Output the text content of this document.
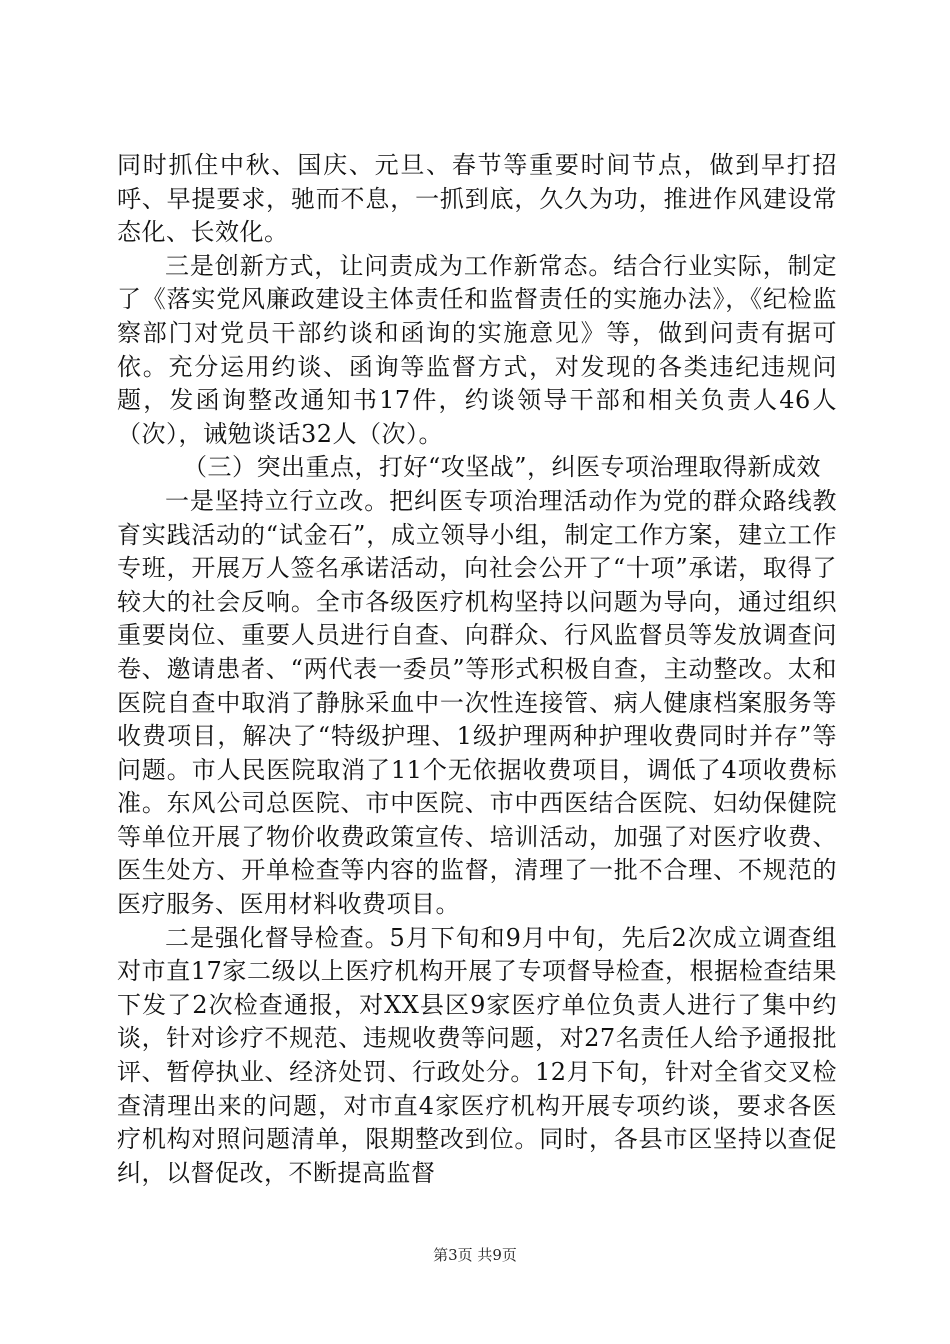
同时抓住中秋、国庆、元旦、春节等重要时间节点，做到早打招呼、早提要求，驰而不息，一抓到底，久久为功，推进作风建设常态化、长效化。

三是创新方式，让问责成为工作新常态。结合行业实际，制定了《落实党风廉政建设主体责任和监督责任的实施办法》，《纪检监察部门对党员干部约谈和函询的实施意见》等，做到问责有据可依。充分运用约谈、函询等监督方式，对发现的各类违纪违规问题，发函询整改通知书17件，约谈领导干部和相关负责人46人（次），诫勉谈话32人（次）。

（三）突出重点，打好“攻坚战”，纠医专项治理取得新成效

一是坚持立行立改。把纠医专项治理活动作为党的群众路线教育实践活动的“试金石”，成立领导小组，制定工作方案，建立工作专班，开展万人签名承诺活动，向社会公开了“十项”承诺，取得了较大的社会反响。全市各级医疗机构坚持以问题为导向，通过组织重要岗位、重要人员进行自查、向群众、行风监督员等发放调查问卷、邀请患者、“两代表一委员”等形式积极自查，主动整改。太和医院自查中取消了静脉采血中一次性连接管、病人健康档案服务等收费项目，解决了“特级护理、1级护理两种护理收费同时并存”等问题。市人民医院取消了11个无依据收费项目，调低了4项收费标准。东风公司总医院、市中医院、市中西医结合医院、妇幼保健院等单位开展了物价收费政策宣传、培训活动，加强了对医疗收费、医生处方、开单检查等内容的监督，清理了一批不合理、不规范的医疗服务、医用材料收费项目。

二是强化督导检查。5月下旬和9月中旬，先后2次成立调查组对市直17家二级以上医疗机构开展了专项督导检查，根据检查结果下发了2次检查通报，对XX县区9家医疗单位负责人进行了集中约谈，针对诊疗不规范、违规收费等问题，对27名责任人给予通报批评、暂停执业、经济处罚、行政处分。12月下旬，针对全省交叉检查清理出来的问题，对市直4家医疗机构开展专项约谈，要求各医疗机构对照问题清单，限期整改到位。同时，各县市区坚持以查促纠，以督促改，不断提高监督

第3页 共9页
